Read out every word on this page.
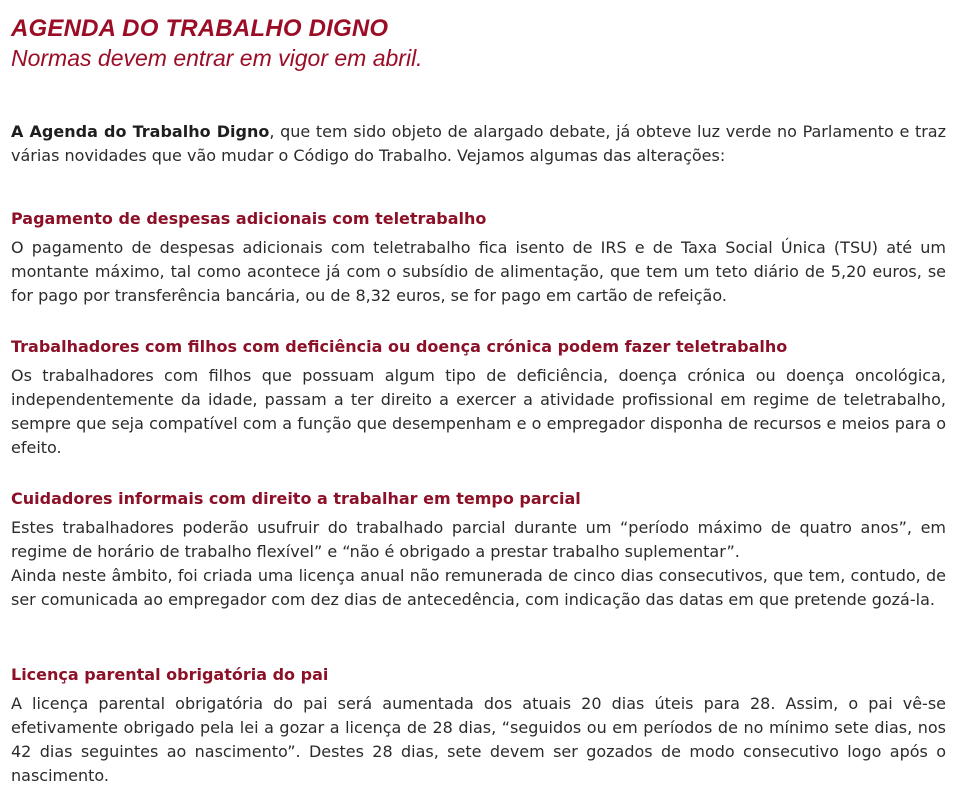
AGENDA DO TRABALHO DIGNO
Normas devem entrar em vigor em abril.

A Agenda do Trabalho Digno, que tem sido objeto de alargado debate, já obteve luz verde no Parlamento e traz várias novidades que vão mudar o Código do Trabalho. Vejamos algumas das alterações:

Pagamento de despesas adicionais com teletrabalho

O pagamento de despesas adicionais com teletrabalho fica isento de IRS e de Taxa Social Única (TSU) até um montante máximo, tal como acontece já com o subsídio de alimentação, que tem um teto diário de 5,20 euros, se for pago por transferência bancária, ou de 8,32 euros, se for pago em cartão de refeição.

Trabalhadores com filhos com deficiência ou doença crónica podem fazer teletrabalho

Os trabalhadores com filhos que possuam algum tipo de deficiência, doença crónica ou doença oncológica, independentemente da idade, passam a ter direito a exercer a atividade profissional em regime de teletrabalho, sempre que seja compatível com a função que desempenham e o empregador disponha de recursos e meios para o efeito.

Cuidadores informais com direito a trabalhar em tempo parcial

Estes trabalhadores poderão usufruir do trabalhado parcial durante um “período máximo de quatro anos”, em regime de horário de trabalho flexível” e “não é obrigado a prestar trabalho suplementar”.

Ainda neste âmbito, foi criada uma licença anual não remunerada de cinco dias consecutivos, que tem, contudo, de ser comunicada ao empregador com dez dias de antecedência, com indicação das datas em que pretende gozá-la.

Licença parental obrigatória do pai

A licença parental obrigatória do pai será aumentada dos atuais 20 dias úteis para 28. Assim, o pai vê-se efetivamente obrigado pela lei a gozar a licença de 28 dias, “seguidos ou em períodos de no mínimo sete dias, nos 42 dias seguintes ao nascimento”. Destes 28 dias, sete devem ser gozados de modo consecutivo logo após o nascimento.
